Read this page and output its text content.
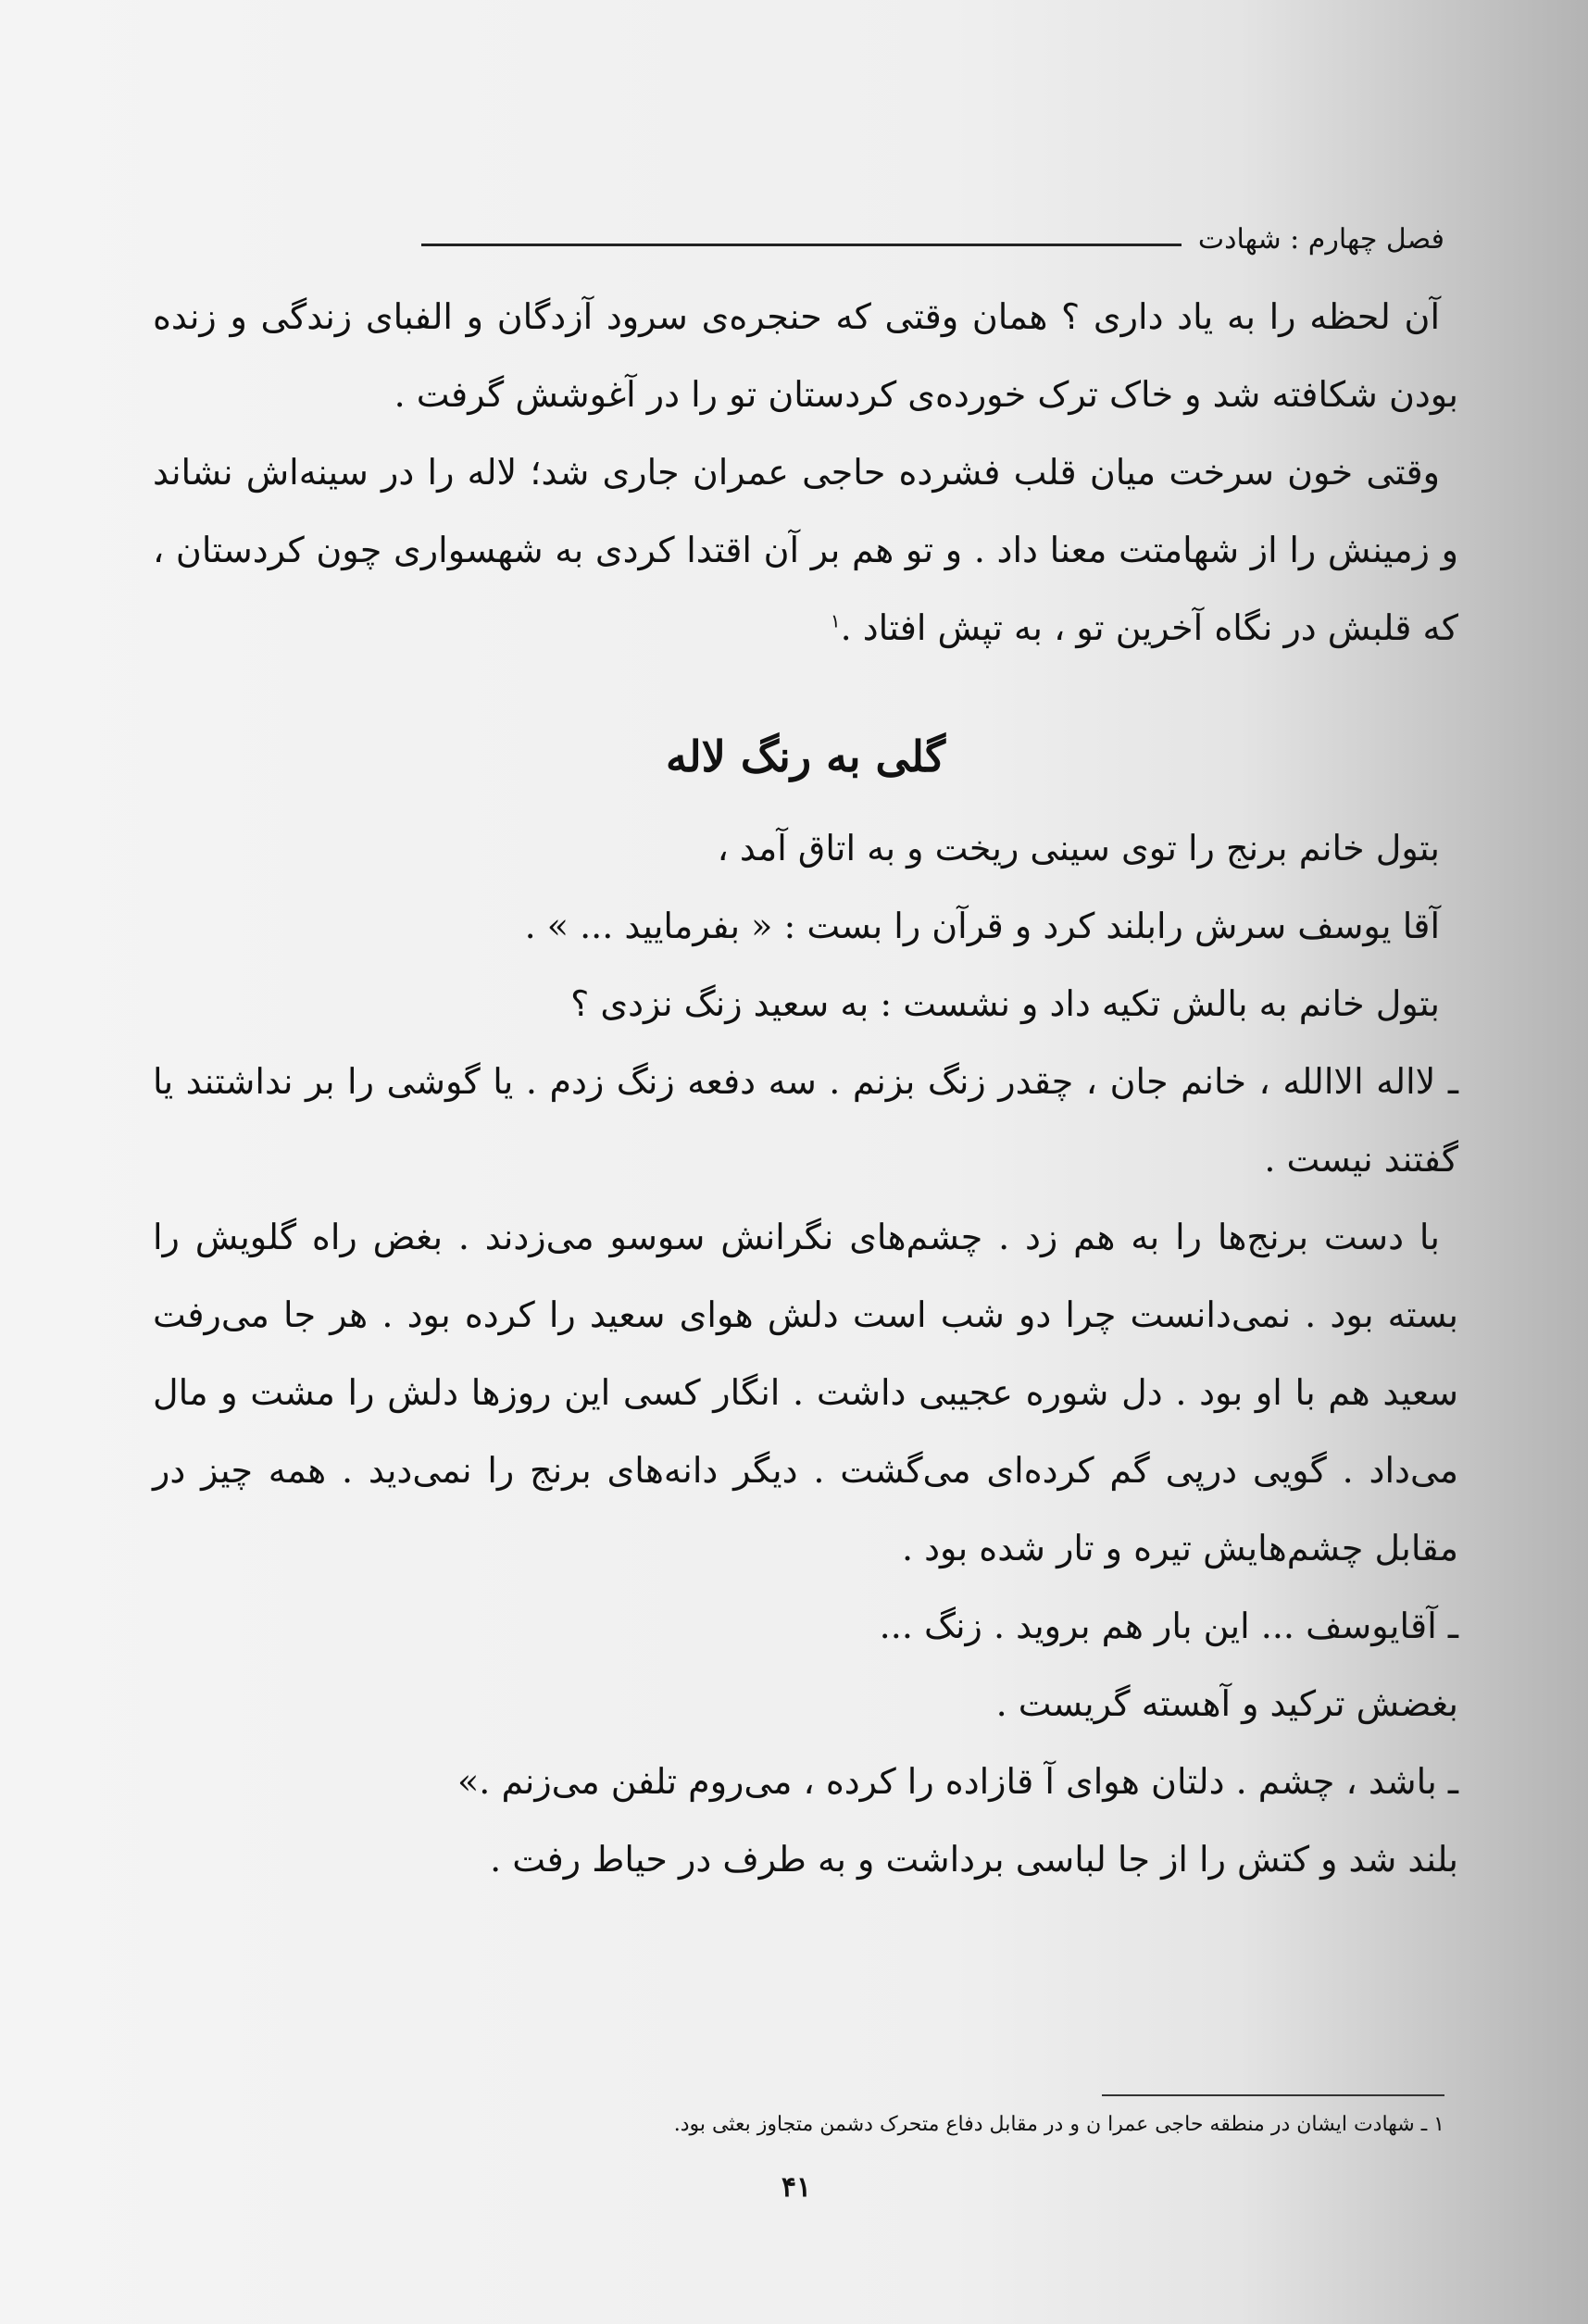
فصل چهارم : شهادت

آن لحظه را به یاد داری ؟ همان وقتی که حنجره‌ی سرود آزدگان و الفبای زندگی و زنده بودن شکافته شد و خاک ترک خورده‌ی کردستان تو را در آغوشش گرفت .

وقتی خون سرخت میان قلب فشرده حاجی عمران جاری شد؛ لاله را در سینه‌اش نشاند و زمینش را از شهامتت معنا داد . و تو هم بر آن اقتدا کردی به شهسواری چون کردستان ، که قلبش در نگاه آخرین تو ، به تپش افتاد .$^۱$

گلی به رنگ لاله

بتول خانم برنج را توی سینی ریخت و به اتاق آمد ،

آقا یوسف سرش رابلند کرد و قرآن را بست : « بفرمایید ... » .

بتول خانم به بالش تکیه داد و نشست : به سعید زنگ نزدی ؟

ـ لااله الاالله ، خانم جان ، چقدر زنگ بزنم . سه دفعه زنگ زدم . یا گوشی را بر نداشتند یا گفتند نیست .

با دست برنج‌ها را به هم زد . چشم‌های نگرانش سوسو می‌زدند . بغض راه گلویش را بسته بود . نمی‌دانست چرا دو شب است دلش هوای سعید را کرده بود . هر جا می‌رفت سعید هم با او بود . دل شوره عجیبی داشت . انگار کسی این روزها دلش را مشت و مال می‌داد . گویی درپی گم کرده‌ای می‌گشت . دیگر دانه‌های برنج را نمی‌دید . همه چیز در مقابل چشم‌هایش تیره و تار شده بود .

ـ آقایوسف ... این بار هم بروید . زنگ ...

بغضش ترکید و آهسته گریست .

ـ باشد ، چشم . دلتان هوای آ قازاده را کرده ، می‌روم تلفن می‌زنم .»

بلند شد و کتش را از جا لباسی برداشت و به طرف در حیاط رفت .

۱ ـ شهادت ایشان در منطقه حاجی عمرا ن و در مقابل دفاع متحرک دشمن متجاوز بعثی بود.
۴۱
